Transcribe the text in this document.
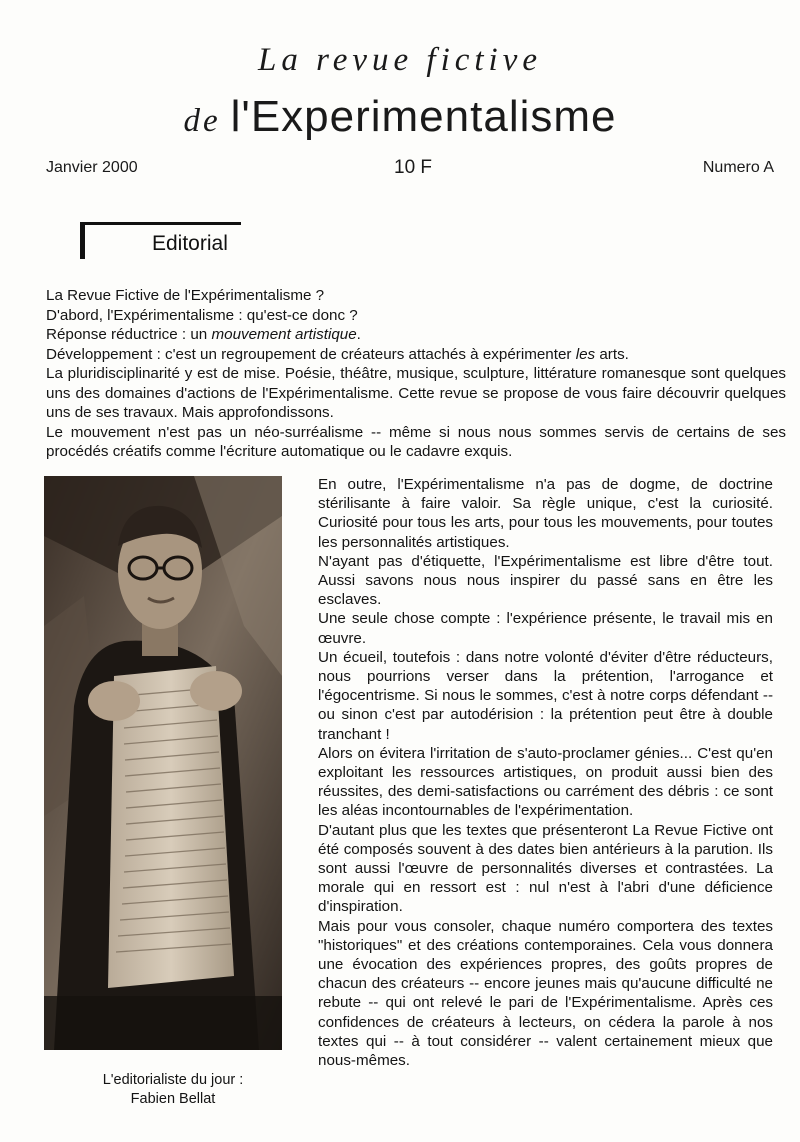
La revue fictive
de l'Experimentalisme
Janvier 2000	10 F	Numero A
Editorial

La Revue Fictive de l'Expérimentalisme ?

D'abord, l'Expérimentalisme : qu'est-ce donc ?

Réponse réductrice : un mouvement artistique.

Développement : c'est un regroupement de créateurs attachés à expérimenter les arts.

La pluridisciplinarité y est de mise. Poésie, théâtre, musique, sculpture, littérature romanesque sont quelques uns des domaines d'actions de l'Expérimentalisme. Cette revue se propose de vous faire découvrir quelques uns de ses travaux. Mais approfondissons.

Le mouvement n'est pas un néo-surréalisme -- même si nous nous sommes servis de certains de ses procédés créatifs comme l'écriture automatique ou le cadavre exquis.

L'editorialiste du jour :
Fabien Bellat

En outre, l'Expérimentalisme n'a pas de dogme, de doctrine stérilisante à faire valoir. Sa règle unique, c'est la curiosité. Curiosité pour tous les arts, pour tous les mouvements, pour toutes les personnalités artistiques.

N'ayant pas d'étiquette, l'Expérimentalisme est libre d'être tout. Aussi savons nous nous inspirer du passé sans en être les esclaves.

Une seule chose compte : l'expérience présente, le travail mis en œuvre.

Un écueil, toutefois : dans notre volonté d'éviter d'être réducteurs, nous pourrions verser dans la prétention, l'arrogance et l'égocentrisme. Si nous le sommes, c'est à notre corps défendant -- ou sinon c'est par autodérision : la prétention peut être à double tranchant !

Alors on évitera l'irritation de s'auto-proclamer génies... C'est qu'en exploitant les ressources artistiques, on produit aussi bien des réussites, des demi-satisfactions ou carrément des débris : ce sont les aléas incontournables de l'expérimentation.

D'autant plus que les textes que présenteront La Revue Fictive ont été composés souvent à des dates bien antérieurs à la parution. Ils sont aussi l'œuvre de personnalités diverses et contrastées. La morale qui en ressort est : nul n'est à l'abri d'une déficience d'inspiration.

Mais pour vous consoler, chaque numéro comportera des textes "historiques" et des créations contemporaines. Cela vous donnera une évocation des expériences propres, des goûts propres de chacun des créateurs -- encore jeunes mais qu'aucune difficulté ne rebute -- qui ont relevé le pari de l'Expérimentalisme. Après ces confidences de créateurs à lecteurs, on cédera la parole à nos textes qui -- à tout considérer -- valent certainement mieux que nous-mêmes.
